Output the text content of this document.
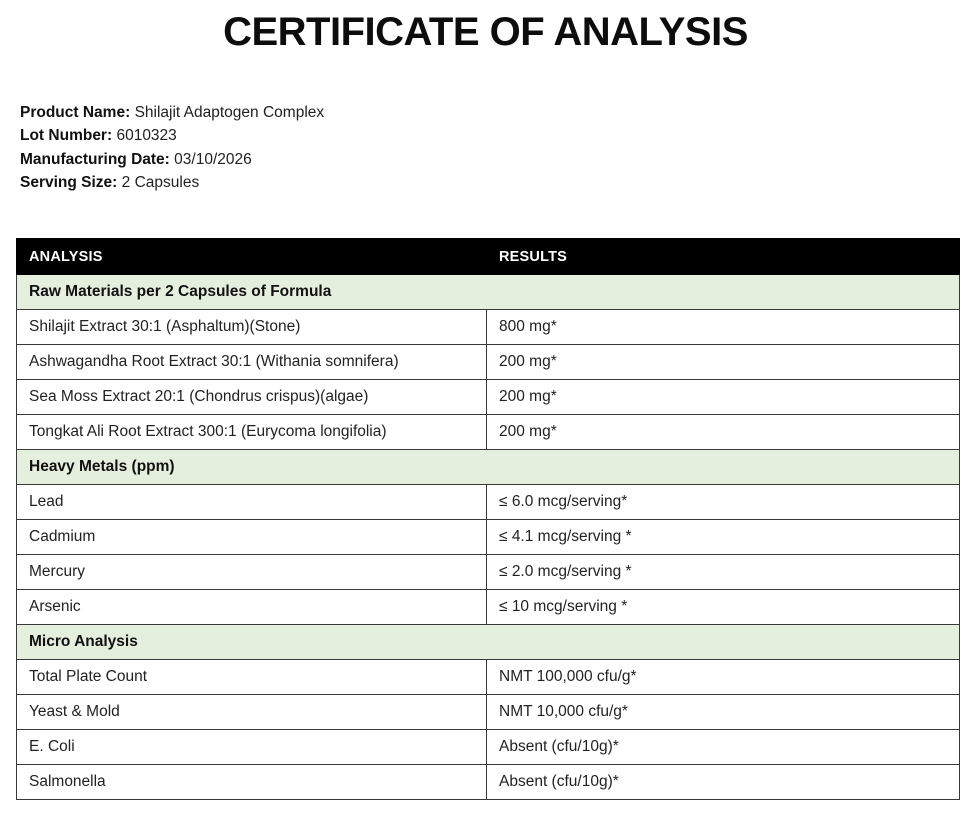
CERTIFICATE OF ANALYSIS
Product Name: Shilajit Adaptogen Complex
Lot Number: 6010323
Manufacturing Date: 03/10/2026
Serving Size: 2 Capsules
ANALYSIS	RESULTS
Raw Materials per 2 Capsules of Formula	
Shilajit Extract 30:1 (Asphaltum)(Stone)	800 mg*
Ashwagandha Root Extract 30:1 (Withania somnifera)	200 mg*
Sea Moss Extract 20:1 (Chondrus crispus)(algae)	200 mg*
Tongkat Ali Root Extract 300:1 (Eurycoma longifolia)	200 mg*
Heavy Metals (ppm)	
Lead	≤ 6.0 mcg/serving*
Cadmium	≤ 4.1 mcg/serving *
Mercury	≤ 2.0 mcg/serving *
Arsenic	≤ 10 mcg/serving *
Micro Analysis	
Total Plate Count	NMT 100,000 cfu/g*
Yeast & Mold	NMT 10,000 cfu/g*
E. Coli	Absent (cfu/10g)*
Salmonella	Absent (cfu/10g)*
